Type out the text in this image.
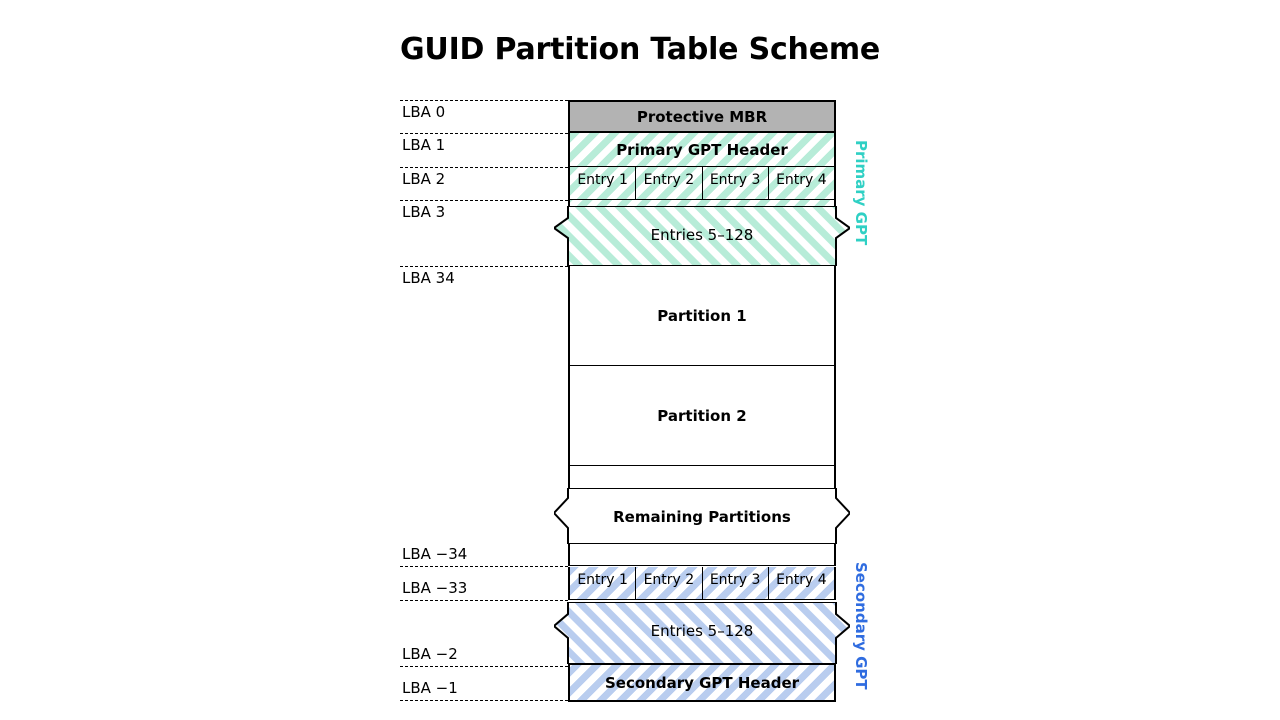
GUID Partition Table Scheme
LBA 0
LBA 1
LBA 2
LBA 3
LBA 34
LBA −34
LBA −33
LBA −2
LBA −1
Protective MBR
Primary GPT Header
Entry 1	Entry 2	Entry 3	Entry 4
Entries 5–128
Partition 1
Partition 2
Remaining Partitions
Entry 1	Entry 2	Entry 3	Entry 4
Entries 5–128
Secondary GPT Header
Primary GPT
Secondary GPT
